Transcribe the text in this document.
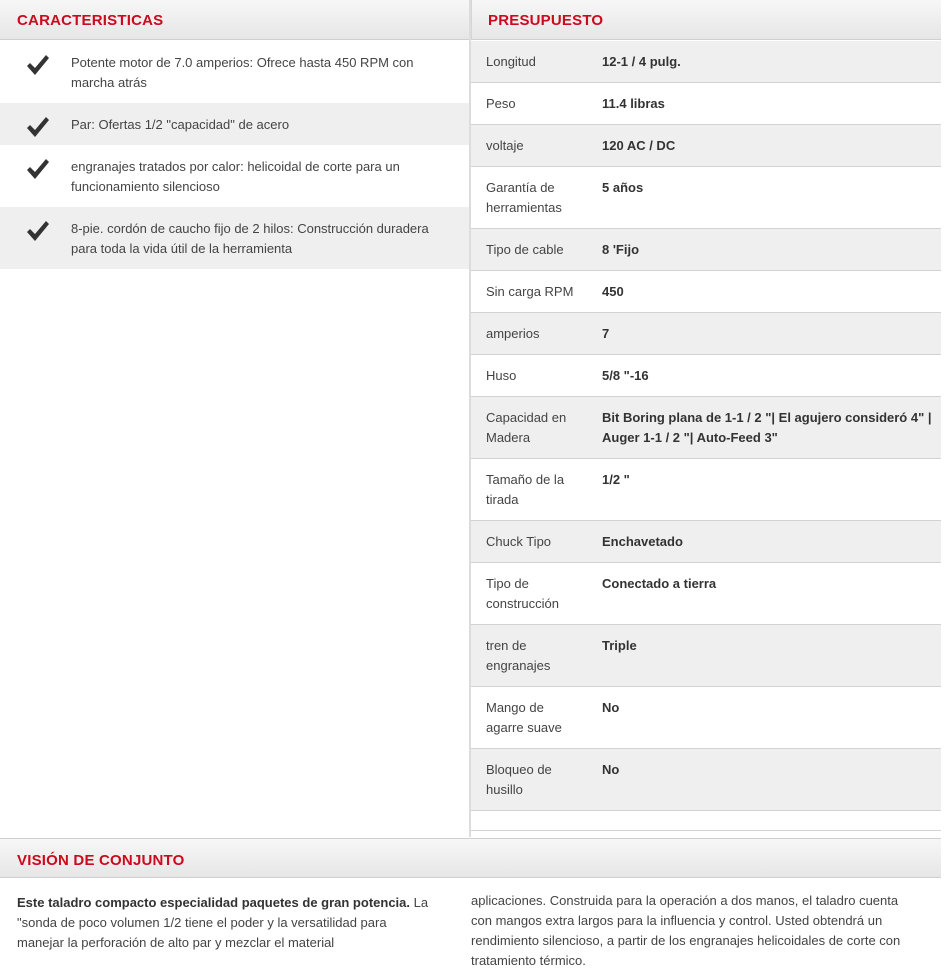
CARACTERISTICAS	PRESUPUESTO
Potente motor de 7.0 amperios: Ofrece hasta 450 RPM con marcha atrás
Par: Ofertas 1/2 "capacidad" de acero
engranajes tratados por calor: helicoidal de corte para un funcionamiento silencioso
8-pie. cordón de caucho fijo de 2 hilos: Construcción duradera para toda la vida útil de la herramienta
Longitud	12-1 / 4 pulg.
Peso	11.4 libras
voltaje	120 AC / DC
Garantía de herramientas	5 años
Tipo de cable	8 'Fijo
Sin carga RPM	450
amperios	7
Huso	5/8 "-16
Capacidad en Madera	Bit Boring plana de 1-1 / 2 "| El agujero consideró 4" | Auger 1-1 / 2 "| Auto-Feed 3"
Tamaño de la tirada	1/2 "
Chuck Tipo	Enchavetado
Tipo de construcción	Conectado a tierra
tren de engranajes	Triple
Mango de agarre suave	No
Bloqueo de husillo	No

VISIÓN DE CONJUNTO
Este taladro compacto especialidad paquetes de gran potencia. La "sonda de poco volumen 1/2 tiene el poder y la versatilidad para manejar la perforación de alto par y mezclar el material
aplicaciones. Construida para la operación a dos manos, el taladro cuenta con mangos extra largos para la influencia y control. Usted obtendrá un rendimiento silencioso, a partir de los engranajes helicoidales de corte con tratamiento térmico.
